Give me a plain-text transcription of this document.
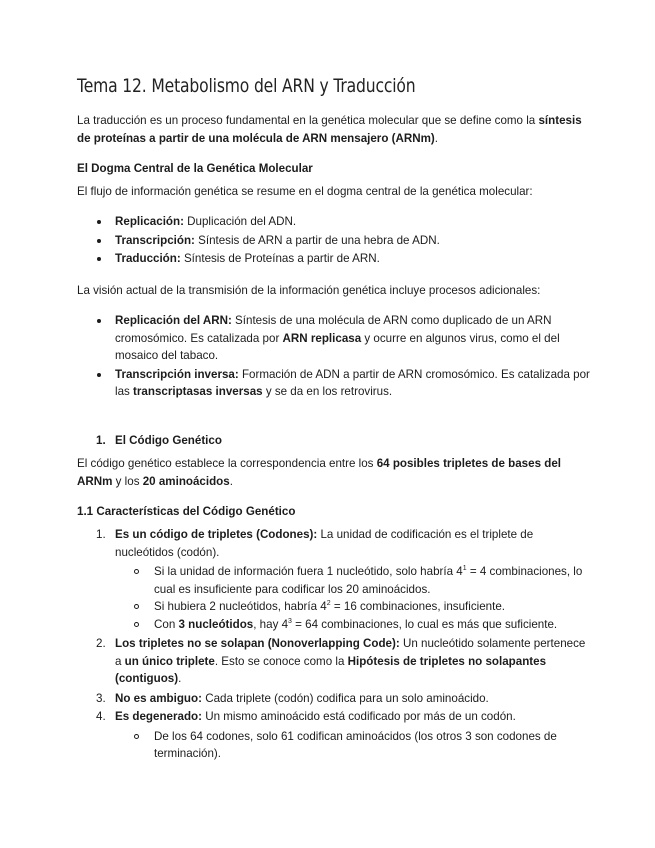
Tema 12. Metabolismo del ARN y Traducción

La traducción es un proceso fundamental en la genética molecular que se define como la síntesis de proteínas a partir de una molécula de ARN mensajero (ARNm).

El Dogma Central de la Genética Molecular

El flujo de información genética se resume en el dogma central de la genética molecular:

Replicación: Duplicación del ADN.
Transcripción: Síntesis de ARN a partir de una hebra de ADN.
Traducción: Síntesis de Proteínas a partir de ARN.

La visión actual de la transmisión de la información genética incluye procesos adicionales:

Replicación del ARN: Síntesis de una molécula de ARN como duplicado de un ARN cromosómico. Es catalizada por ARN replicasa y ocurre en algunos virus, como el del mosaico del tabaco.
Transcripción inversa: Formación de ADN a partir de ARN cromosómico. Es catalizada por las transcriptasas inversas y se da en los retrovirus.
1. El Código Genético

El código genético establece la correspondencia entre los 64 posibles tripletes de bases del ARNm y los 20 aminoácidos.

1.1 Características del Código Genético

1. Es un código de tripletes (Codones): La unidad de codificación es el triplete de nucleótidos (codón).
Si la unidad de información fuera 1 nucleótido, solo habría $4^1 = 4$ combinaciones, lo cual es insuficiente para codificar los 20 aminoácidos.
Si hubiera 2 nucleótidos, habría $4^2 = 16$ combinaciones, insuficiente.
Con 3 nucleótidos, hay $4^3 = 64$ combinaciones, lo cual es más que suficiente.
2. Los tripletes no se solapan (Nonoverlapping Code): Un nucleótido solamente pertenece a un único triplete. Esto se conoce como la Hipótesis de tripletes no solapantes (contiguos).
3. No es ambiguo: Cada triplete (codón) codifica para un solo aminoácido.
4. Es degenerado: Un mismo aminoácido está codificado por más de un codón.
De los 64 codones, solo 61 codifican aminoácidos (los otros 3 son codones de terminación).
